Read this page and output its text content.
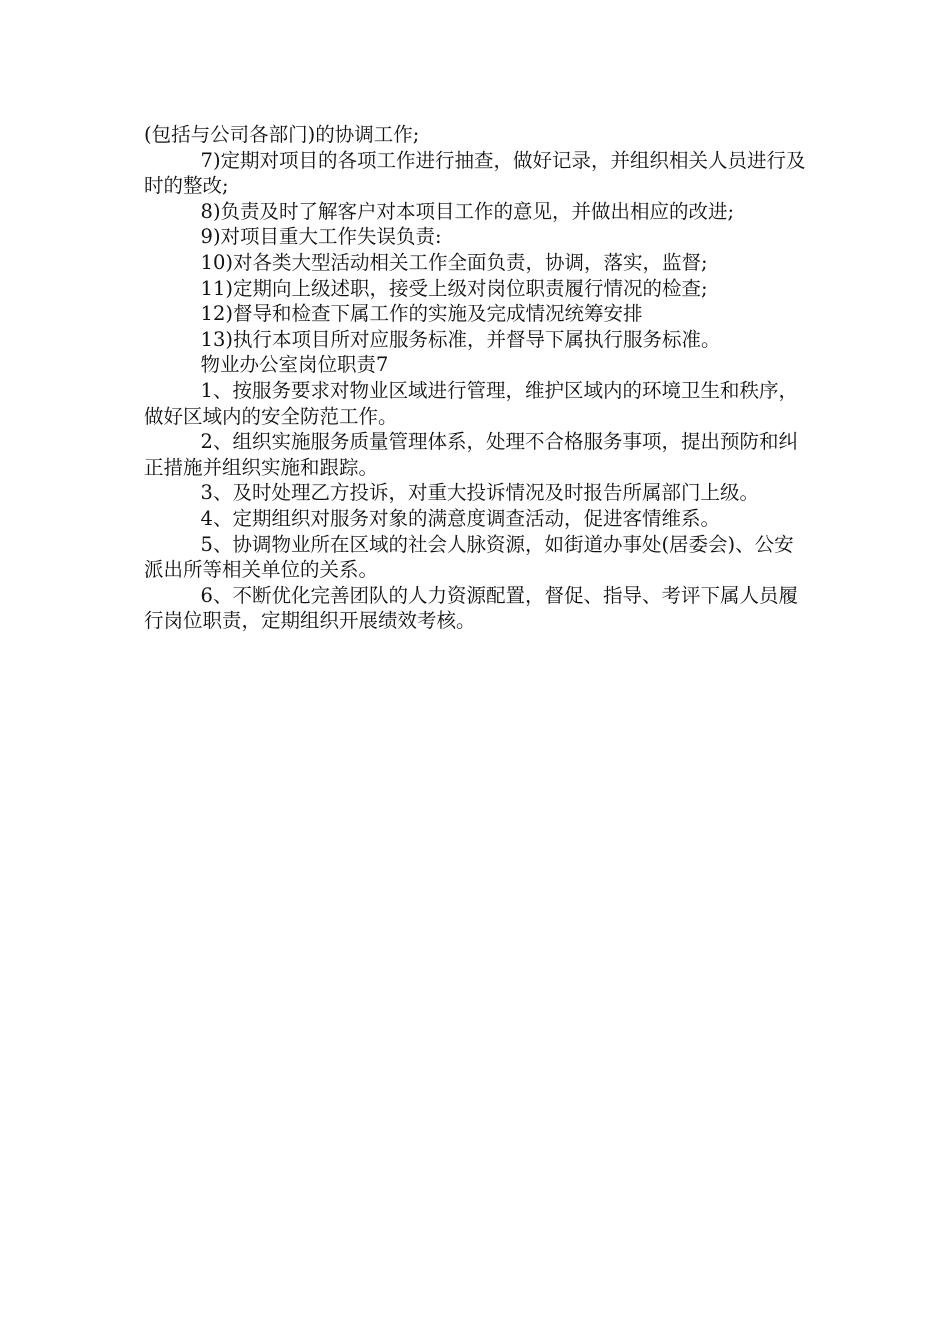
(包括与公司各部门)的协调工作;

7)定期对项目的各项工作进行抽查，做好记录，并组织相关人员进行及时的整改;

8)负责及时了解客户对本项目工作的意见，并做出相应的改进;

9)对项目重大工作失误负责:

10)对各类大型活动相关工作全面负责，协调，落实，监督;

11)定期向上级述职，接受上级对岗位职责履行情况的检查;

12)督导和检查下属工作的实施及完成情况统筹安排

13)执行本项目所对应服务标准，并督导下属执行服务标准。

物业办公室岗位职责7

1、按服务要求对物业区域进行管理，维护区域内的环境卫生和秩序，做好区域内的安全防范工作。

2、组织实施服务质量管理体系，处理不合格服务事项，提出预防和纠正措施并组织实施和跟踪。

3、及时处理乙方投诉，对重大投诉情况及时报告所属部门上级。

4、定期组织对服务对象的满意度调查活动，促进客情维系。

5、协调物业所在区域的社会人脉资源，如街道办事处(居委会)、公安派出所等相关单位的关系。

6、不断优化完善团队的人力资源配置，督促、指导、考评下属人员履行岗位职责，定期组织开展绩效考核。
